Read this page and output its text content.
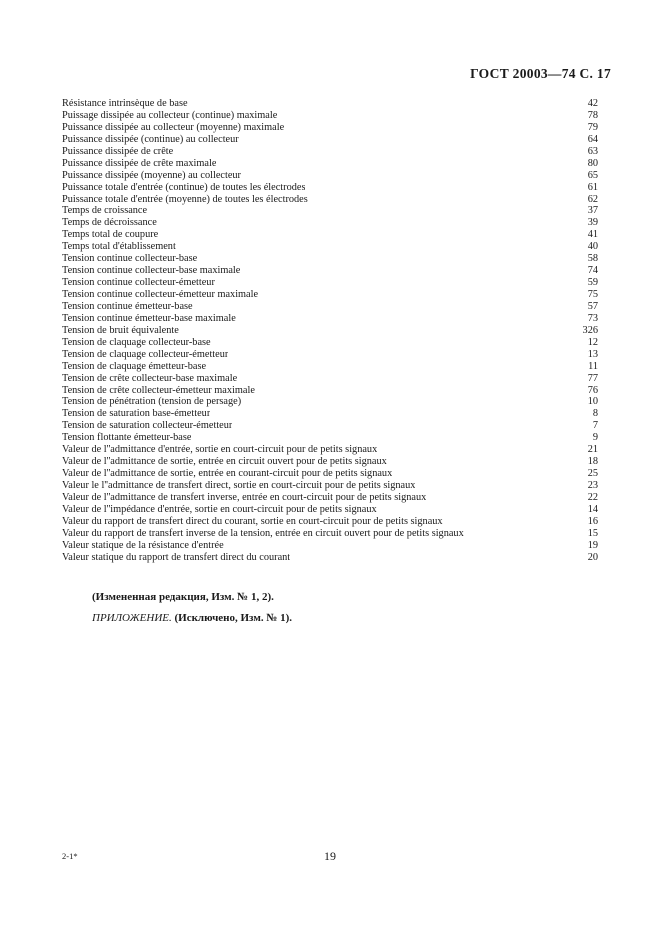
ГОСТ 20003—74 С. 17
Résistance intrinsèque de base	42
Puissage dissipée au collecteur (continue) maximale	78
Puissance dissipée au collecteur (moyenne) maximale	79
Puissance dissipée (continue) au collecteur	64
Puissance dissipée de crête	63
Puissance dissipée de crête maximale	80
Puissance dissipée (moyenne) au collecteur	65
Puissance totale d'entrée (continue) de toutes les électrodes	61
Puissance totale d'entrée (moyenne) de toutes les électrodes	62
Temps de croissance	37
Temps de décroissance	39
Temps total de coupure	41
Temps total d'établissement	40
Tension continue collecteur-base	58
Tension continue collecteur-base maximale	74
Tension continue collecteur-émetteur	59
Tension continue collecteur-émetteur maximale	75
Tension continue émetteur-base	57
Tension continue émetteur-base maximale	73
Tension de bruit équivalente	326
Tension de claquage collecteur-base	12
Tension de claquage collecteur-émetteur	13
Tension de claquage émetteur-base	11
Tension de crête collecteur-base maximale	77
Tension de crête collecteur-émetteur maximale	76
Tension de pénétration (tension de persage)	10
Tension de saturation base-émetteur	8
Tension de saturation collecteur-émetteur	7
Tension flottante émetteur-base	9
Valeur de l''admittance d'entrée, sortie en court-circuit pour de petits signaux	21
Valeur de l''admittance de sortie, entrée en circuit ouvert pour de petits signaux	18
Valeur de l''admittance de sortie, entrée en courant-circuit pour de petits signaux	25
Valeur le l''admittance de transfert direct, sortie en court-circuit pour de petits signaux	23
Valeur de l''admittance de transfert inverse, entrée en court-circuit pour de petits signaux	22
Valeur de l''impédance d'entrée, sortie en court-circuit pour de petits signaux	14
Valeur du rapport de transfert direct du courant, sortie en court-circuit pour de petits signaux	16
Valeur du rapport de transfert inverse de la tension, entrée en circuit ouvert pour de petits signaux	15
Valeur statique de la résistance d'entrée	19
Valeur statique du rapport de transfert direct du courant	20
(Измененная редакция, Изм. № 1, 2).
ПРИЛОЖЕНИЕ. (Исключено, Изм. № 1).
2-1*	19
